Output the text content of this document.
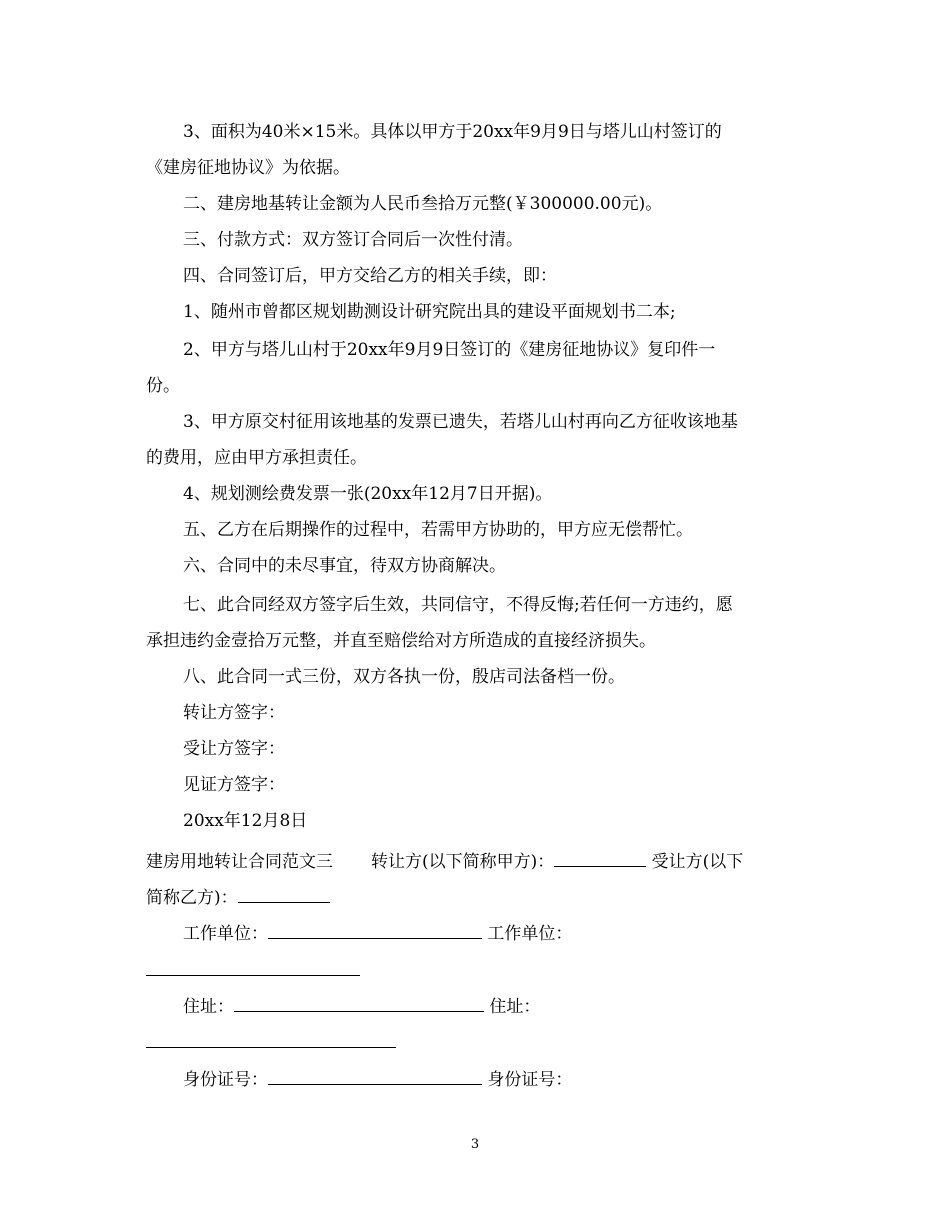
3、面积为40米×15米。具体以甲方于20xx年9月9日与塔儿山村签订的
《建房征地协议》为依据。
二、建房地基转让金额为人民币叁拾万元整(￥300000.00元)。
三、付款方式：双方签订合同后一次性付清。
四、合同签订后，甲方交给乙方的相关手续，即：
1、随州市曾都区规划勘测设计研究院出具的建设平面规划书二本;
2、甲方与塔儿山村于20xx年9月9日签订的《建房征地协议》复印件一
份。
3、甲方原交村征用该地基的发票已遗失，若塔儿山村再向乙方征收该地基
的费用，应由甲方承担责任。
4、规划测绘费发票一张(20xx年12月7日开据)。
五、乙方在后期操作的过程中，若需甲方协助的，甲方应无偿帮忙。
六、合同中的未尽事宜，待双方协商解决。
七、此合同经双方签字后生效，共同信守，不得反悔;若任何一方违约，愿
承担违约金壹拾万元整，并直至赔偿给对方所造成的直接经济损失。
八、此合同一式三份，双方各执一份，殷店司法备档一份。
转让方签字：
受让方签字：
见证方签字：
20xx年12月8日
建房用地转让合同范文三 转让方(以下简称甲方)：	受让方(以下
简称乙方)：
工作单位：	工作单位：
住址：	住址：
身份证号：	身份证号：
3
